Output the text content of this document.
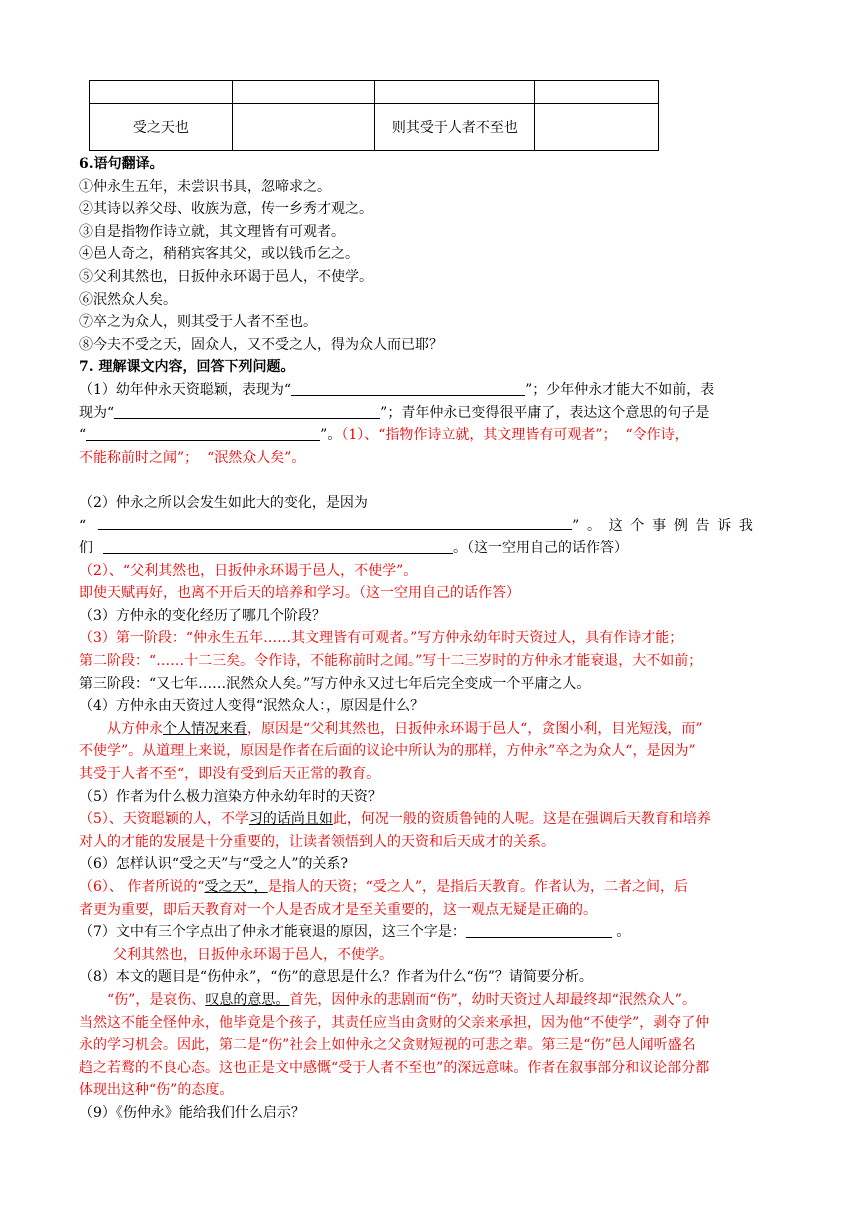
受之天也		则其受于人者不至也	
6.语句翻译。
①仲永生五年，未尝识书具，忽啼求之。
②其诗以养父母、收族为意，传一乡秀才观之。
③自是指物作诗立就，其文理皆有可观者。
④邑人奇之，稍稍宾客其父，或以钱币乞之。
⑤父利其然也，日扳仲永环谒于邑人，不使学。
⑥泯然众人矣。
⑦卒之为众人，则其受于人者不至也。
⑧今夫不受之天，固众人，又不受之人，得为众人而已耶？
7. 理解课文内容，回答下列问题。
（1）幼年仲永天资聪颖，表现为“	”；少年仲永才能大不如前，表
现为“	”；青年仲永已变得很平庸了，表达这个意思的句子是
“	”。（1）、“指物作诗立就，其文理皆有可观者”； “令作诗，
不能称前时之闻”； “泯然众人矣”。

（2）仲永之所以会发生如此大的变化，是因为
“	”。这个事例告诉我
们	。（这一空用自己的话作答）
（2）、“父利其然也，日扳仲永环谒于邑人，不使学”。
即使天赋再好，也离不开后天的培养和学习。（这一空用自己的话作答）
（3）方仲永的变化经历了哪几个阶段？
（3）第一阶段：“仲永生五年……其文理皆有可观者。”写方仲永幼年时天资过人，具有作诗才能；
第二阶段：“……十二三矣。令作诗，不能称前时之闻。”写十二三岁时的方仲永才能衰退，大不如前；
第三阶段：“又七年……泯然众人矣。”写方仲永又过七年后完全变成一个平庸之人。
（4）方仲永由天资过人变得“泯然众人：，原因是什么？
从方仲永个人情况来看，原因是“父利其然也，日扳仲永环谒于邑人“，贪图小利，目光短浅，而”
不使学”。从道理上来说，原因是作者在后面的议论中所认为的那样，方仲永”卒之为众人“，是因为”
其受于人者不至“，即没有受到后天正常的教育。
（5）作者为什么极力渲染方仲永幼年时的天资？
（5）、天资聪颖的人，不学习的话尚且如此，何况一般的资质鲁钝的人呢。这是在强调后天教育和培养
对人的才能的发展是十分重要的，让读者领悟到人的天资和后天成才的关系。
（6）怎样认识“受之天”与“受之人”的关系?
（6）、 作者所说的“受之天”，是指人的天资；“受之人”，是指后天教育。作者认为，二者之间，后
者更为重要，即后天教育对一个人是否成才是至关重要的，这一观点无疑是正确的。
（7）文中有三个字点出了仲永才能衰退的原因，这三个字是：	。
父利其然也，日扳仲永环谒于邑人，不使学。
（8）本文的题目是“伤仲永”，“伤”的意思是什么？作者为什么“伤”？请简要分析。
“伤”，是哀伤、叹息的意思。首先，因仲永的悲剧而“伤”，幼时天资过人却最终却“泯然众人”。
当然这不能全怪仲永，他毕竟是个孩子，其责任应当由贪财的父亲来承担，因为他“不使学”，剥夺了仲
永的学习机会。因此，第二是“伤”社会上如仲永之父贪财短视的可悲之辈。第三是“伤”邑人闻听盛名
趋之若鹜的不良心态。这也正是文中感慨“受于人者不至也”的深远意味。作者在叙事部分和议论部分都
体现出这种“伤”的态度。
（9）《伤仲永》能给我们什么启示？
